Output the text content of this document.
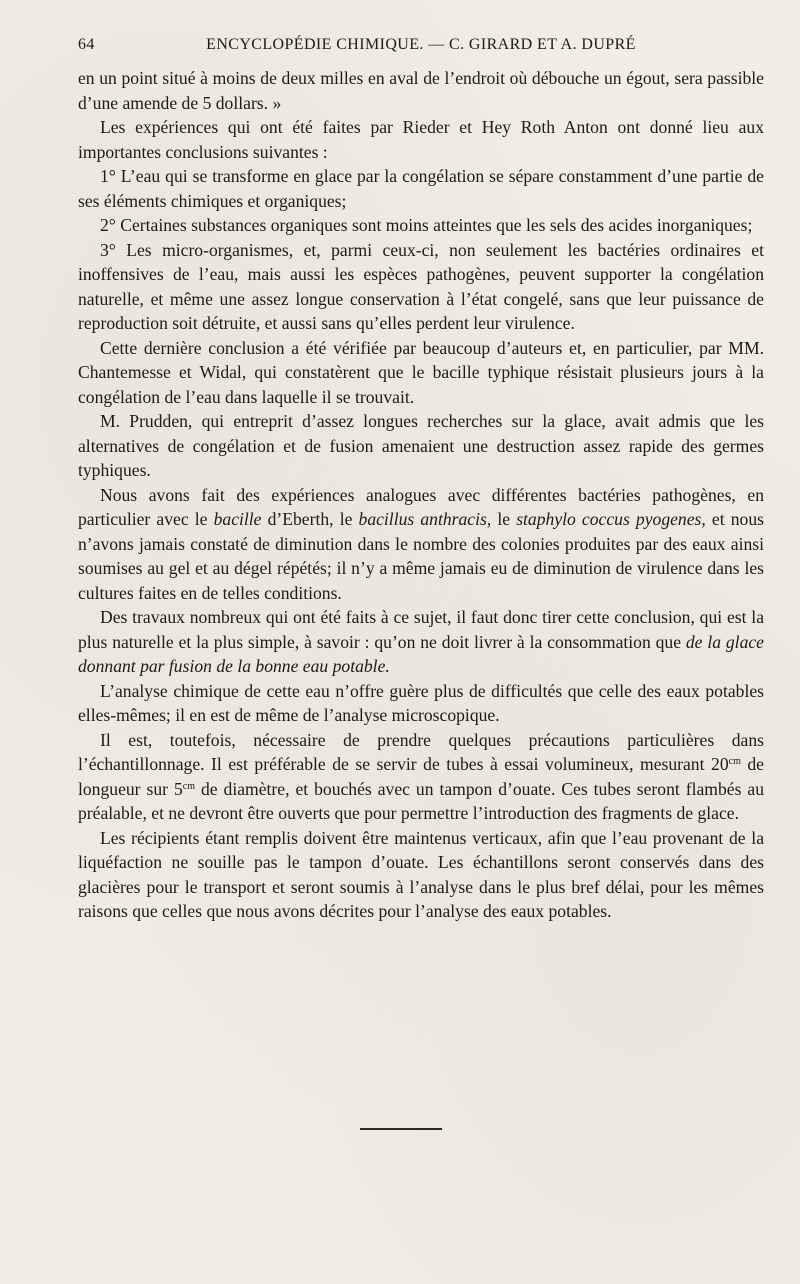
64	ENCYCLOPÉDIE CHIMIQUE. — C. GIRARD ET A. DUPRÉ

en un point situé à moins de deux milles en aval de l’endroit où débouche un égout, sera passible d’une amende de 5 dollars. »

Les expériences qui ont été faites par Rieder et Hey Roth Anton ont donné lieu aux importantes conclusions suivantes :

1° L’eau qui se transforme en glace par la congélation se sépare constamment d’une partie de ses éléments chimiques et organiques;

2° Certaines substances organiques sont moins atteintes que les sels des acides inorganiques;

3° Les micro-organismes, et, parmi ceux-ci, non seulement les bactéries ordinaires et inoffensives de l’eau, mais aussi les espèces pathogènes, peuvent supporter la congélation naturelle, et même une assez longue conservation à l’état congelé, sans que leur puissance de reproduction soit détruite, et aussi sans qu’elles perdent leur virulence.

Cette dernière conclusion a été vérifiée par beaucoup d’auteurs et, en particulier, par MM. Chantemesse et Widal, qui constatèrent que le bacille typhique résistait plusieurs jours à la congélation de l’eau dans laquelle il se trouvait.

M. Prudden, qui entreprit d’assez longues recherches sur la glace, avait admis que les alternatives de congélation et de fusion amenaient une destruction assez rapide des germes typhiques.

Nous avons fait des expériences analogues avec différentes bactéries pathogènes, en particulier avec le bacille d’Eberth, le bacillus anthracis, le staphylo coccus pyogenes, et nous n’avons jamais constaté de diminution dans le nombre des colonies produites par des eaux ainsi soumises au gel et au dégel répétés; il n’y a même jamais eu de diminution de virulence dans les cultures faites en de telles conditions.

Des travaux nombreux qui ont été faits à ce sujet, il faut donc tirer cette conclusion, qui est la plus naturelle et la plus simple, à savoir : qu’on ne doit livrer à la consommation que de la glace donnant par fusion de la bonne eau potable.

L’analyse chimique de cette eau n’offre guère plus de difficultés que celle des eaux potables elles-mêmes; il en est de même de l’analyse microscopique.

Il est, toutefois, nécessaire de prendre quelques précautions particulières dans l’échantillonnage. Il est préférable de se servir de tubes à essai volumineux, mesurant $20^{cm}$ de longueur sur $5^{cm}$ de diamètre, et bouchés avec un tampon d’ouate. Ces tubes seront flambés au préalable, et ne devront être ouverts que pour permettre l’introduction des fragments de glace.

Les récipients étant remplis doivent être maintenus verticaux, afin que l’eau provenant de la liquéfaction ne souille pas le tampon d’ouate. Les échantillons seront conservés dans des glacières pour le transport et seront soumis à l’analyse dans le plus bref délai, pour les mêmes raisons que celles que nous avons décrites pour l’analyse des eaux potables.
